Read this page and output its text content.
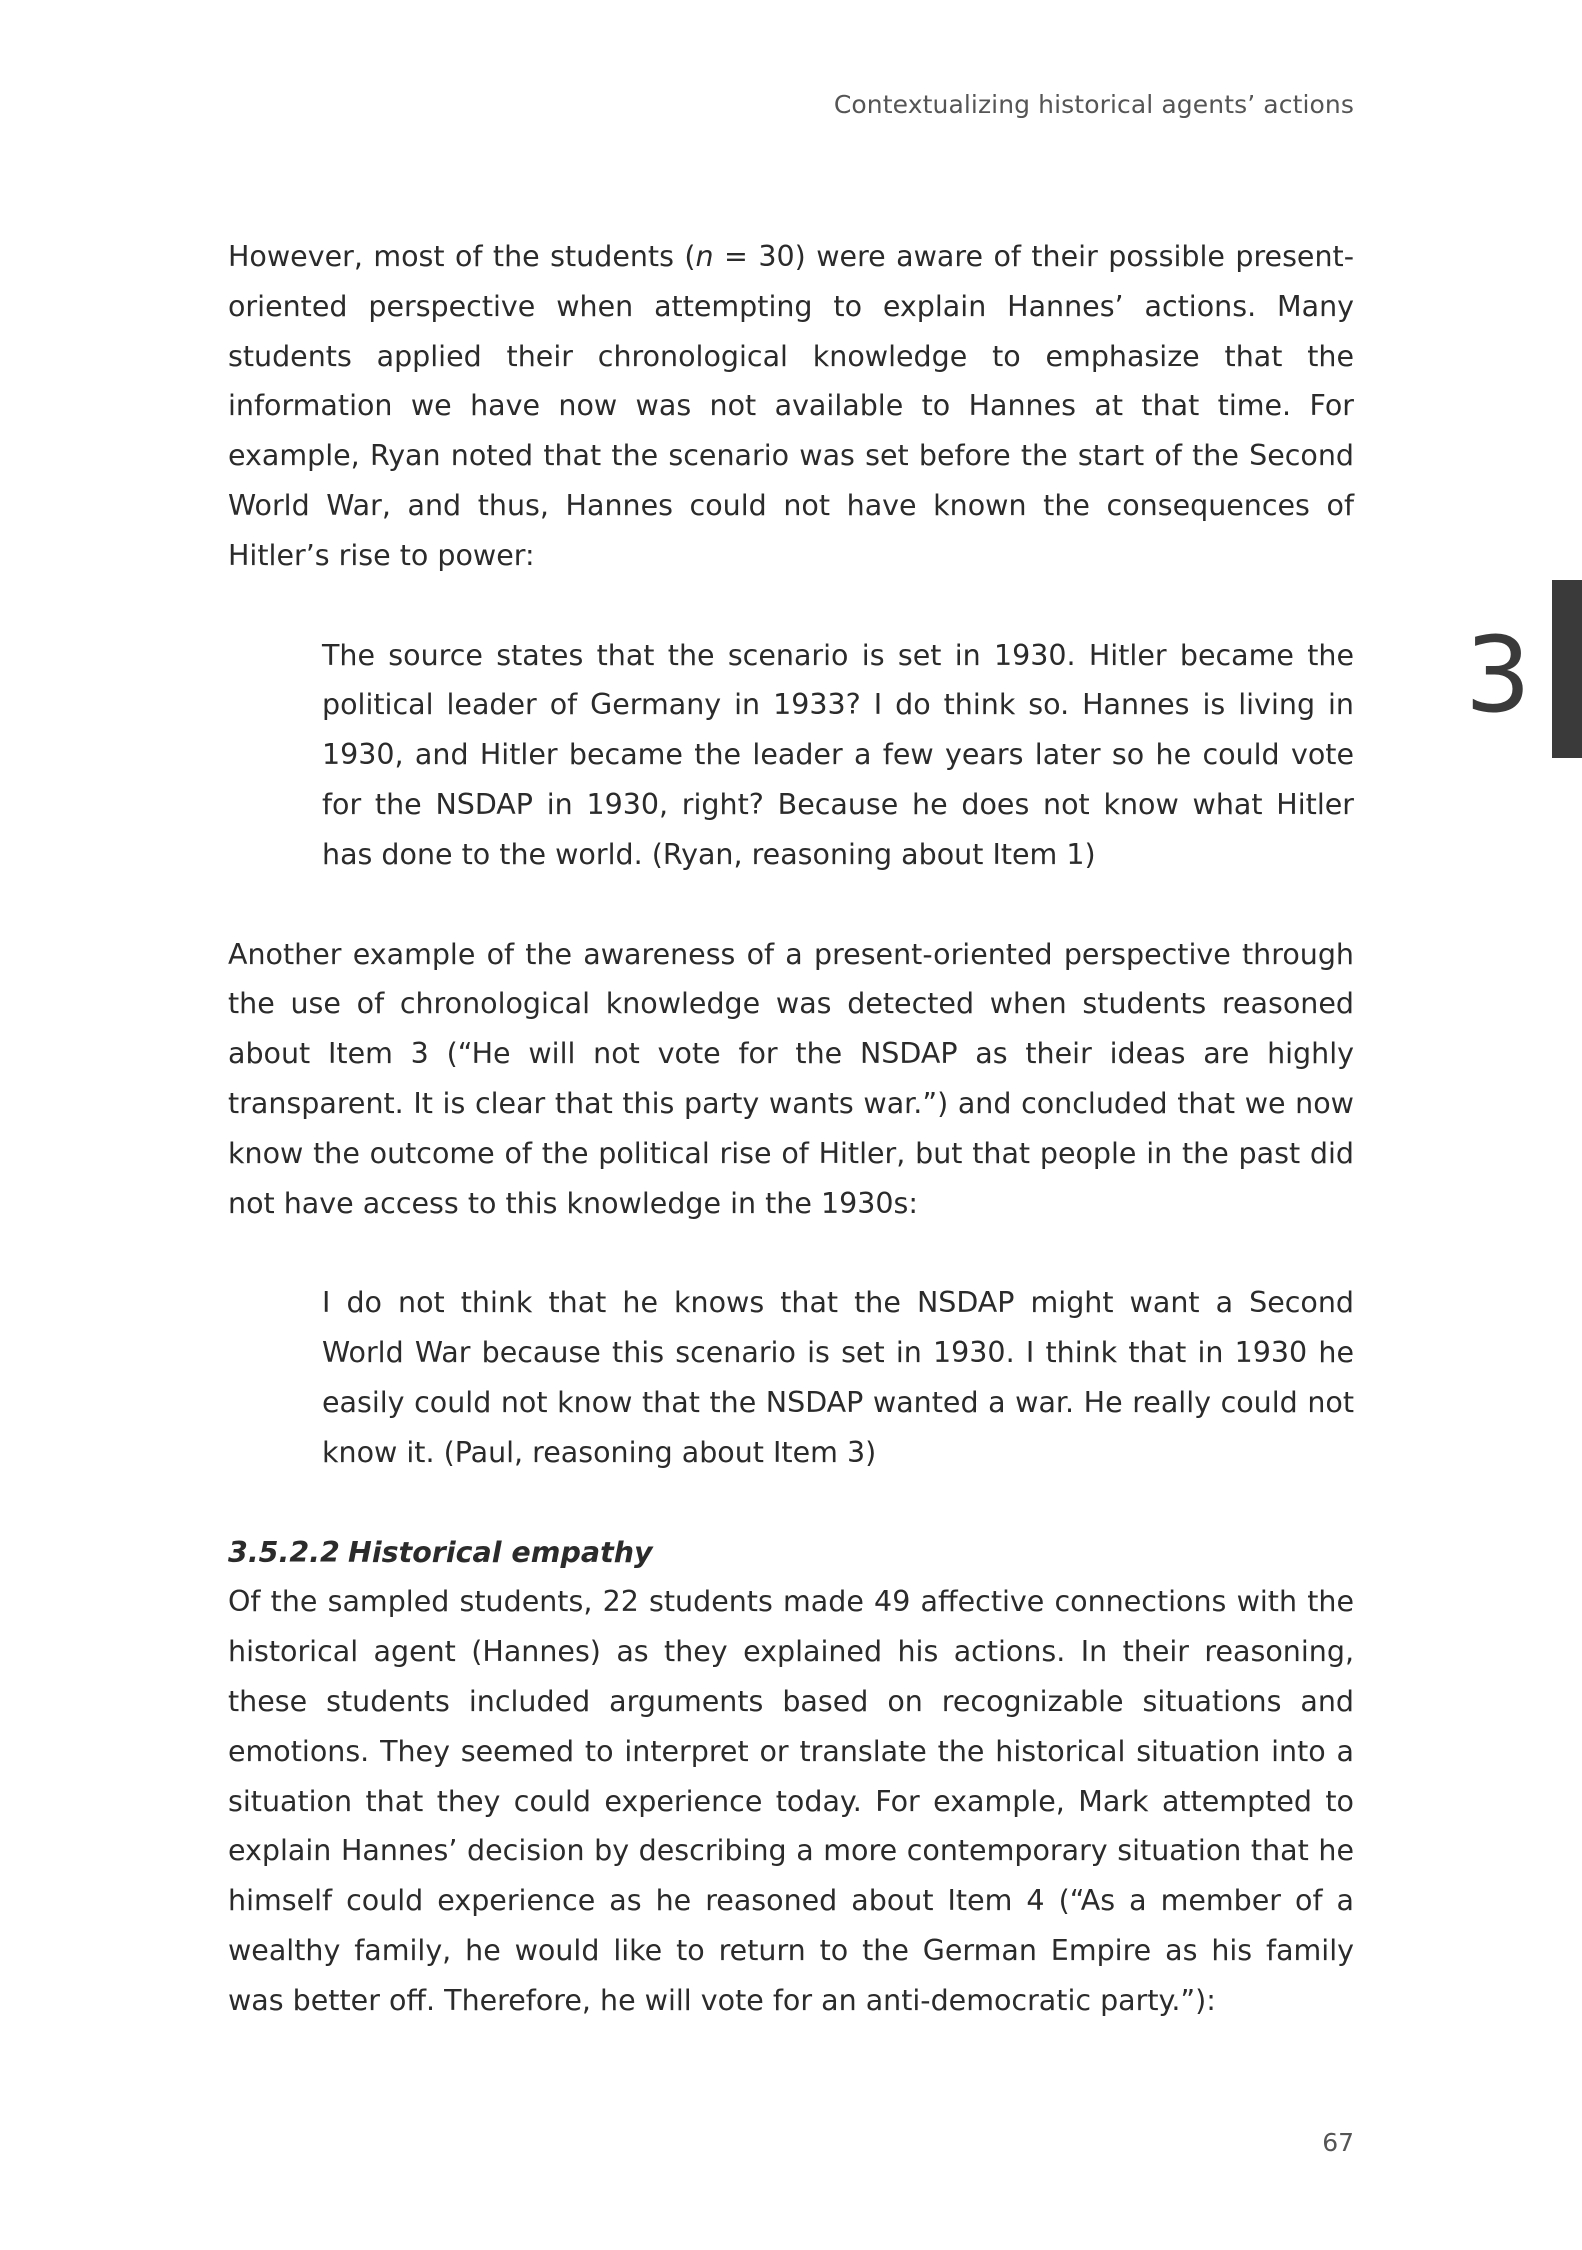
Contextualizing historical agents’ actions
3

However, most of the students (n = 30) were aware of their possible present-oriented perspective when attempting to explain Hannes’ actions. Many students applied their chronological knowledge to emphasize that the information we have now was not available to Hannes at that time. For example, Ryan noted that the scenario was set before the start of the Second World War, and thus, Hannes could not have known the consequences of Hitler’s rise to power:

The source states that the scenario is set in 1930. Hitler became the political leader of Germany in 1933? I do think so. Hannes is living in 1930, and Hitler became the leader a few years later so he could vote for the NSDAP in 1930, right? Because he does not know what Hitler has done to the world. (Ryan, reasoning about Item 1)

Another example of the awareness of a present-oriented perspective through the use of chronological knowledge was detected when students reasoned about Item 3 (“He will not vote for the NSDAP as their ideas are highly transparent. It is clear that this party wants war.”) and concluded that we now know the outcome of the political rise of Hitler, but that people in the past did not have access to this knowledge in the 1930s:

I do not think that he knows that the NSDAP might want a Second World War because this scenario is set in 1930. I think that in 1930 he easily could not know that the NSDAP wanted a war. He really could not know it. (Paul, reasoning about Item 3)

3.5.2.2 Historical empathy

Of the sampled students, 22 students made 49 affective connections with the historical agent (Hannes) as they explained his actions. In their reasoning, these students included arguments based on recognizable situations and emotions. They seemed to interpret or translate the historical situation into a situation that they could experience today. For example, Mark attempted to explain Hannes’ decision by describing a more contemporary situation that he himself could experience as he reasoned about Item 4 (“As a member of a wealthy family, he would like to return to the German Empire as his family was better off. Therefore, he will vote for an anti-democratic party.”):

67
